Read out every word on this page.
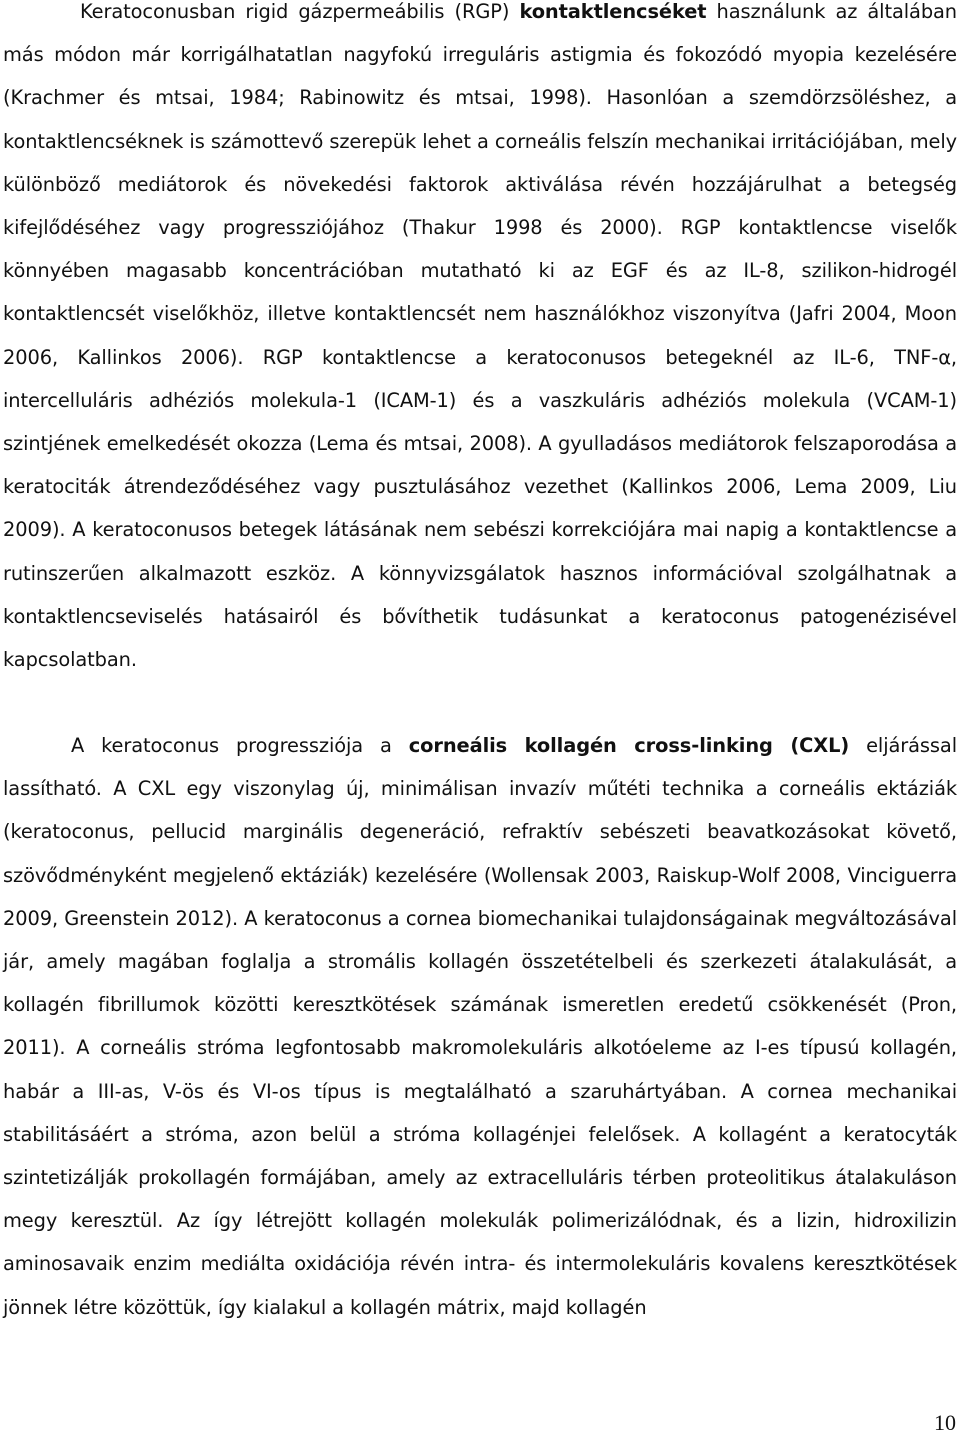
Keratoconusban rigid gázpermeábilis (RGP) kontaktlencséket használunk az általában más módon már korrigálhatatlan nagyfokú irreguláris astigmia és fokozódó myopia kezelésére (Krachmer és mtsai, 1984; Rabinowitz és mtsai, 1998). Hasonlóan a szemdörzsöléshez, a kontaktlencséknek is számottevő szerepük lehet a corneális felszín mechanikai irritációjában, mely különböző mediátorok és növekedési faktorok aktiválása révén hozzájárulhat a betegség kifejlődéséhez vagy progressziójához (Thakur 1998 és 2000). RGP kontaktlencse viselők könnyében magasabb koncentrációban mutatható ki az EGF és az IL-8, szilikon-hidrogél kontaktlencsét viselőkhöz, illetve kontaktlencsét nem használókhoz viszonyítva (Jafri 2004, Moon 2006, Kallinkos 2006). RGP kontaktlencse a keratoconusos betegeknél az IL-6, TNF-α, intercelluláris adhéziós molekula-1 (ICAM-1) és a vaszkuláris adhéziós molekula (VCAM-1) szintjének emelkedését okozza (Lema és mtsai, 2008). A gyulladásos mediátorok felszaporodása a keratociták átrendeződéséhez vagy pusztulásához vezethet (Kallinkos 2006, Lema 2009, Liu 2009). A keratoconusos betegek látásának nem sebészi korrekciójára mai napig a kontaktlencse a rutinszerűen alkalmazott eszköz. A könnyvizsgálatok hasznos információval szolgálhatnak a kontaktlencseviselés hatásairól és bővíthetik tudásunkat a keratoconus patogenézisével kapcsolatban.

A keratoconus progressziója a corneális kollagén cross-linking (CXL) eljárással lassítható. A CXL egy viszonylag új, minimálisan invazív műtéti technika a corneális ektáziák (keratoconus, pellucid marginális degeneráció, refraktív sebészeti beavatkozásokat követő, szövődményként megjelenő ektáziák) kezelésére (Wollensak 2003, Raiskup-Wolf 2008, Vinciguerra 2009, Greenstein 2012). A keratoconus a cornea biomechanikai tulajdonságainak megváltozásával jár, amely magában foglalja a stromális kollagén összetételbeli és szerkezeti átalakulását, a kollagén fibrillumok közötti keresztkötések számának ismeretlen eredetű csökkenését (Pron, 2011). A corneális stróma legfontosabb makromolekuláris alkotóeleme az I-es típusú kollagén, habár a III-as, V-ös és VI-os típus is megtalálható a szaruhártyában. A cornea mechanikai stabilitásáért a stróma, azon belül a stróma kollagénjei felelősek. A kollagént a keratocyták szintetizálják prokollagén formájában, amely az extracelluláris térben proteolitikus átalakuláson megy keresztül. Az így létrejött kollagén molekulák polimerizálódnak, és a lizin, hidroxilizin aminosavaik enzim mediálta oxidációja révén intra- és intermolekuláris kovalens keresztkötések jönnek létre közöttük, így kialakul a kollagén mátrix, majd kollagén

10
